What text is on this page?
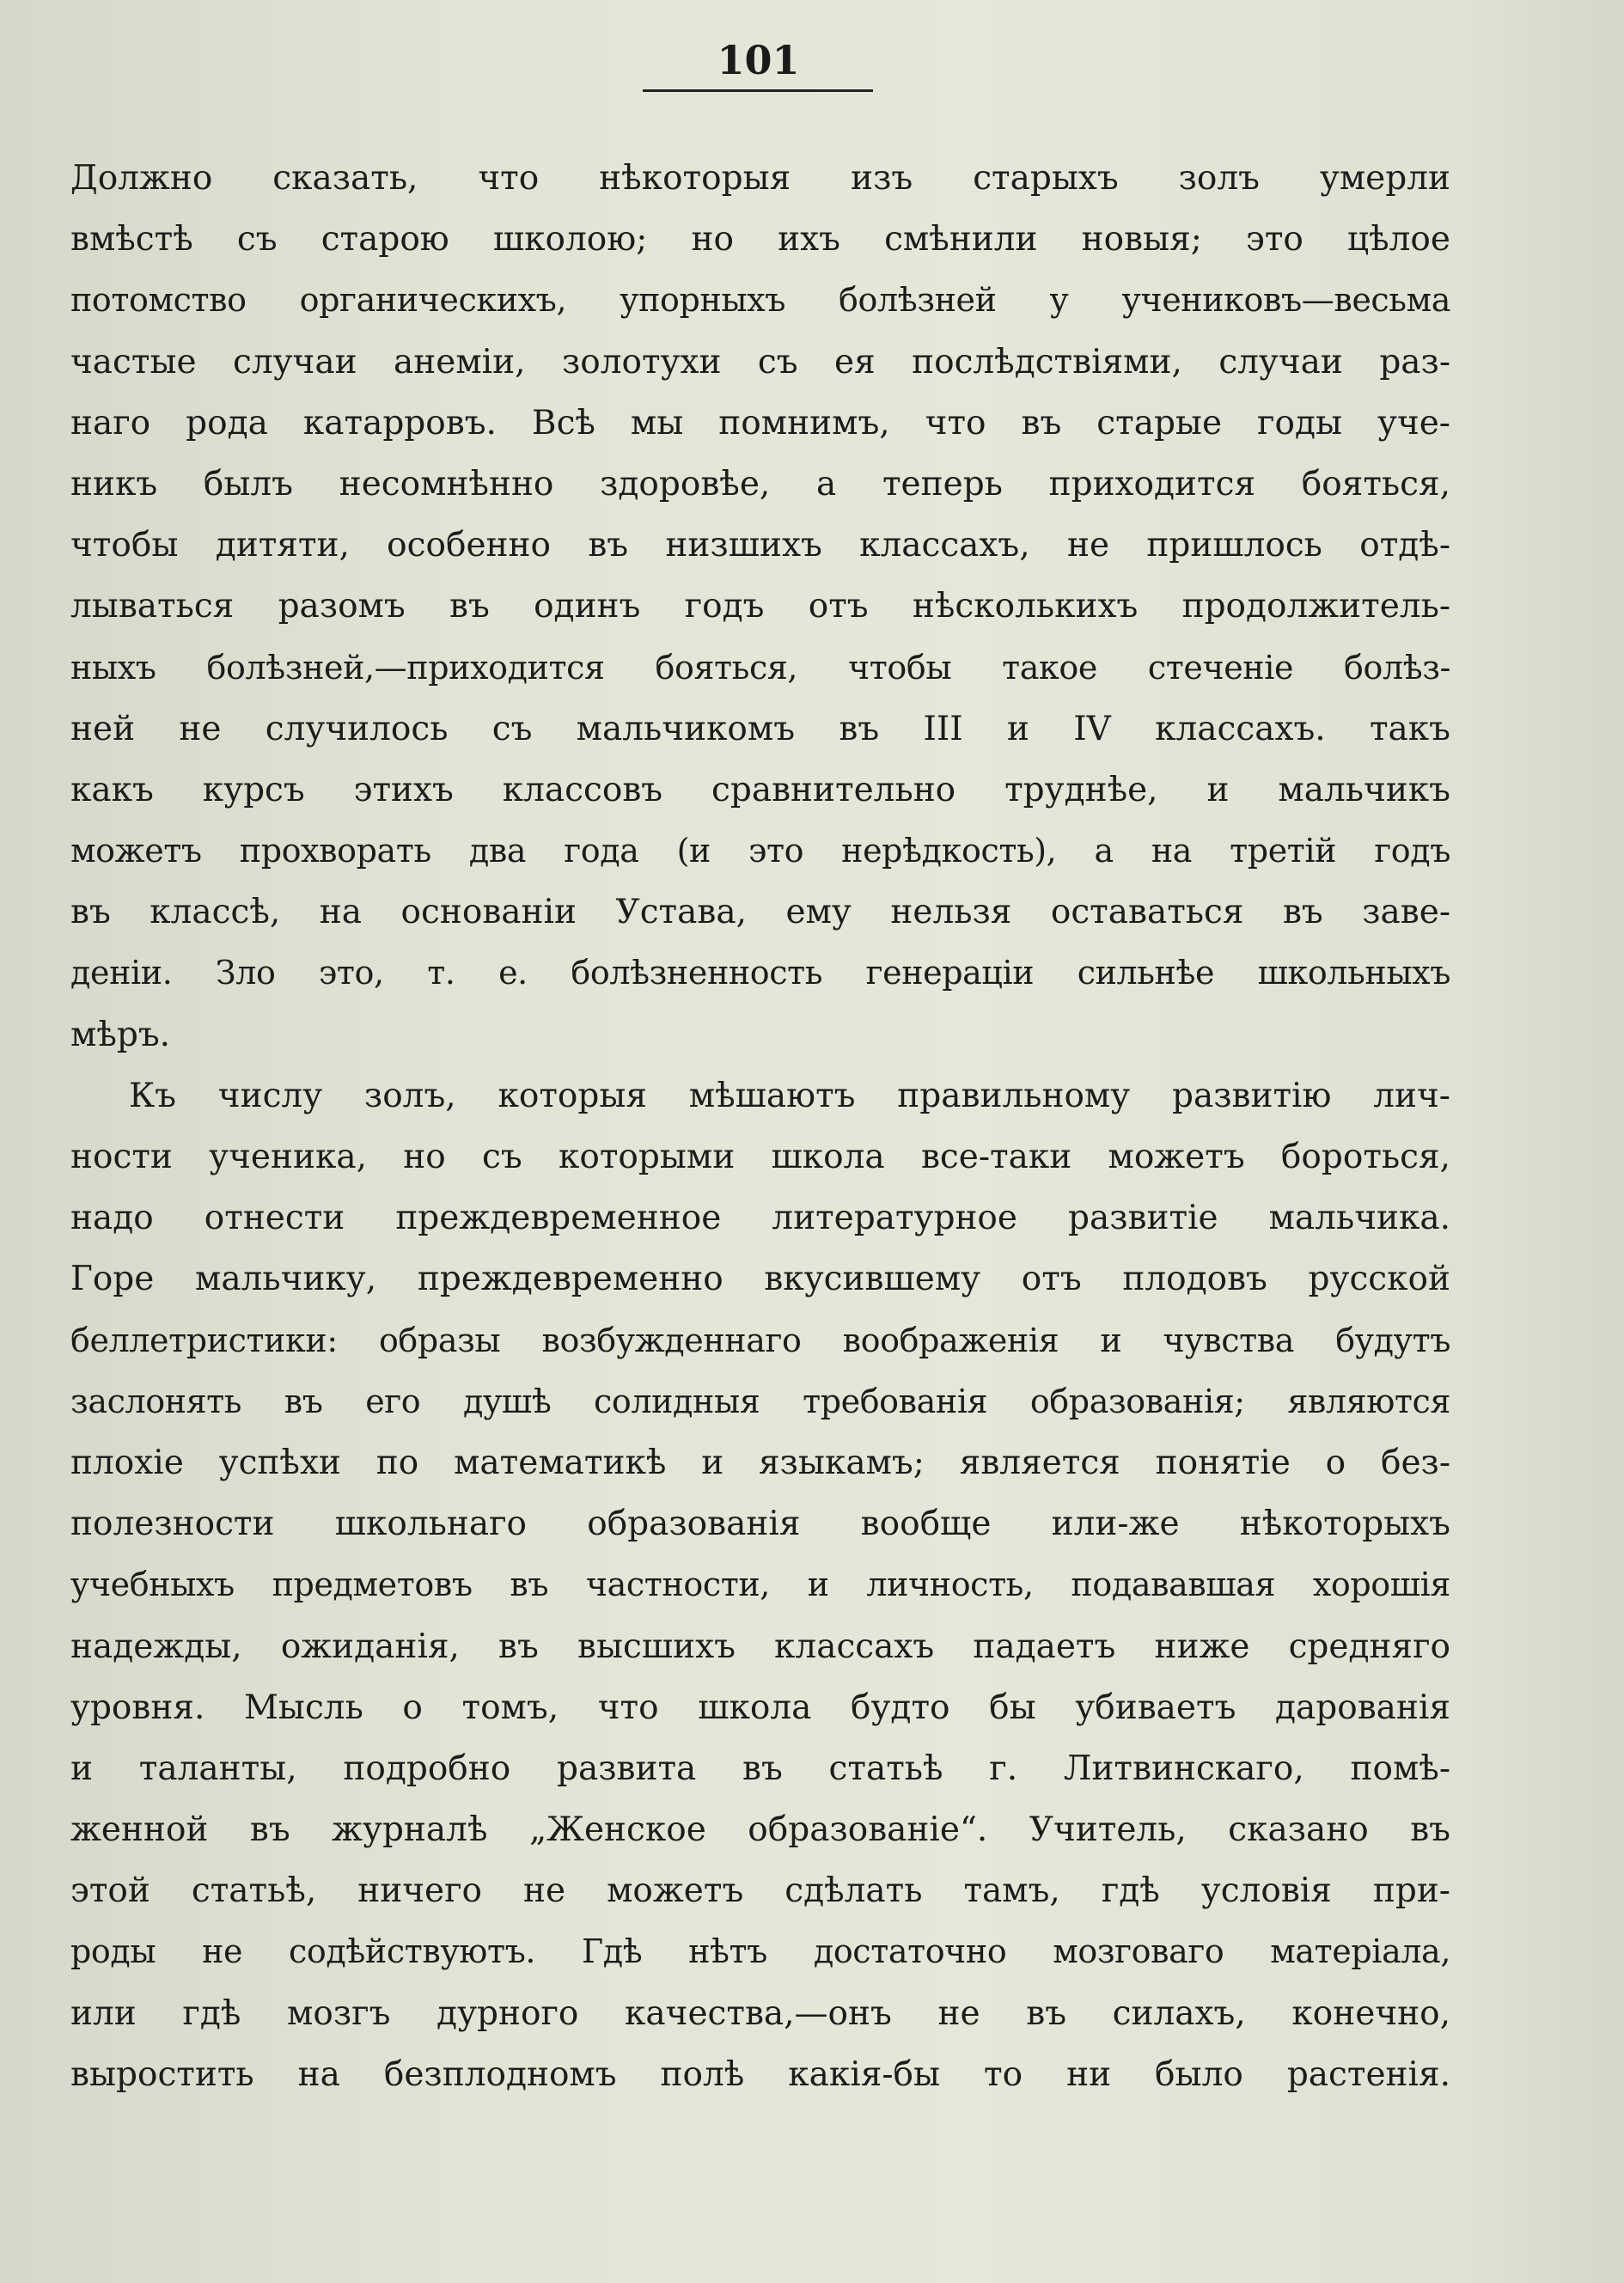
101
Должно сказать, что нѣкоторыя изъ старыхъ золъ умерли
вмѣстѣ съ старою школою; но ихъ смѣнили новыя; это цѣлое
потомство органическихъ, упорныхъ болѣзней у учениковъ—весьма
частые случаи анеміи, золотухи съ ея послѣдствіями, случаи раз-
наго рода катарровъ. Всѣ мы помнимъ, что въ старые годы уче-
никъ былъ несомнѣнно здоровѣе, а теперь приходится бояться,
чтобы дитяти, особенно въ низшихъ классахъ, не пришлось отдѣ-
лываться разомъ въ одинъ годъ отъ нѣсколькихъ продолжитель-
ныхъ болѣзней,—приходится бояться, чтобы такое стеченіе болѣз-
ней не случилось съ мальчикомъ въ III и IV классахъ. такъ
какъ курсъ этихъ классовъ сравнительно труднѣе, и мальчикъ
можетъ прохворать два года (и это нерѣдкость), а на третій годъ
въ классѣ, на основаніи Устава, ему нельзя оставаться въ заве-
деніи. Зло это, т. е. болѣзненность генераціи сильнѣе школьныхъ
мѣръ.
Къ числу золъ, которыя мѣшаютъ правильному развитію лич-
ности ученика, но съ которыми школа все-таки можетъ бороться,
надо отнести преждевременное литературное развитіе мальчика.
Горе мальчику, преждевременно вкусившему отъ плодовъ русской
беллетристики: образы возбужденнаго воображенія и чувства будутъ
заслонять въ его душѣ солидныя требованія образованія; являются
плохіе успѣхи по математикѣ и языкамъ; является понятіе о без-
полезности школьнаго образованія вообще или-же нѣкоторыхъ
учебныхъ предметовъ въ частности, и личность, подававшая хорошія
надежды, ожиданія, въ высшихъ классахъ падаетъ ниже средняго
уровня. Мысль о томъ, что школа будто бы убиваетъ дарованія
и таланты, подробно развита въ статьѣ г. Литвинскаго, помѣ-
женной въ журналѣ „Женское образованіе“. Учитель, сказано въ
этой статьѣ, ничего не можетъ сдѣлать тамъ, гдѣ условія при-
роды не содѣйствуютъ. Гдѣ нѣтъ достаточно мозговаго матеріала,
или гдѣ мозгъ дурного качества,—онъ не въ силахъ, конечно,
выростить на безплодномъ полѣ какія-бы то ни было растенія.
